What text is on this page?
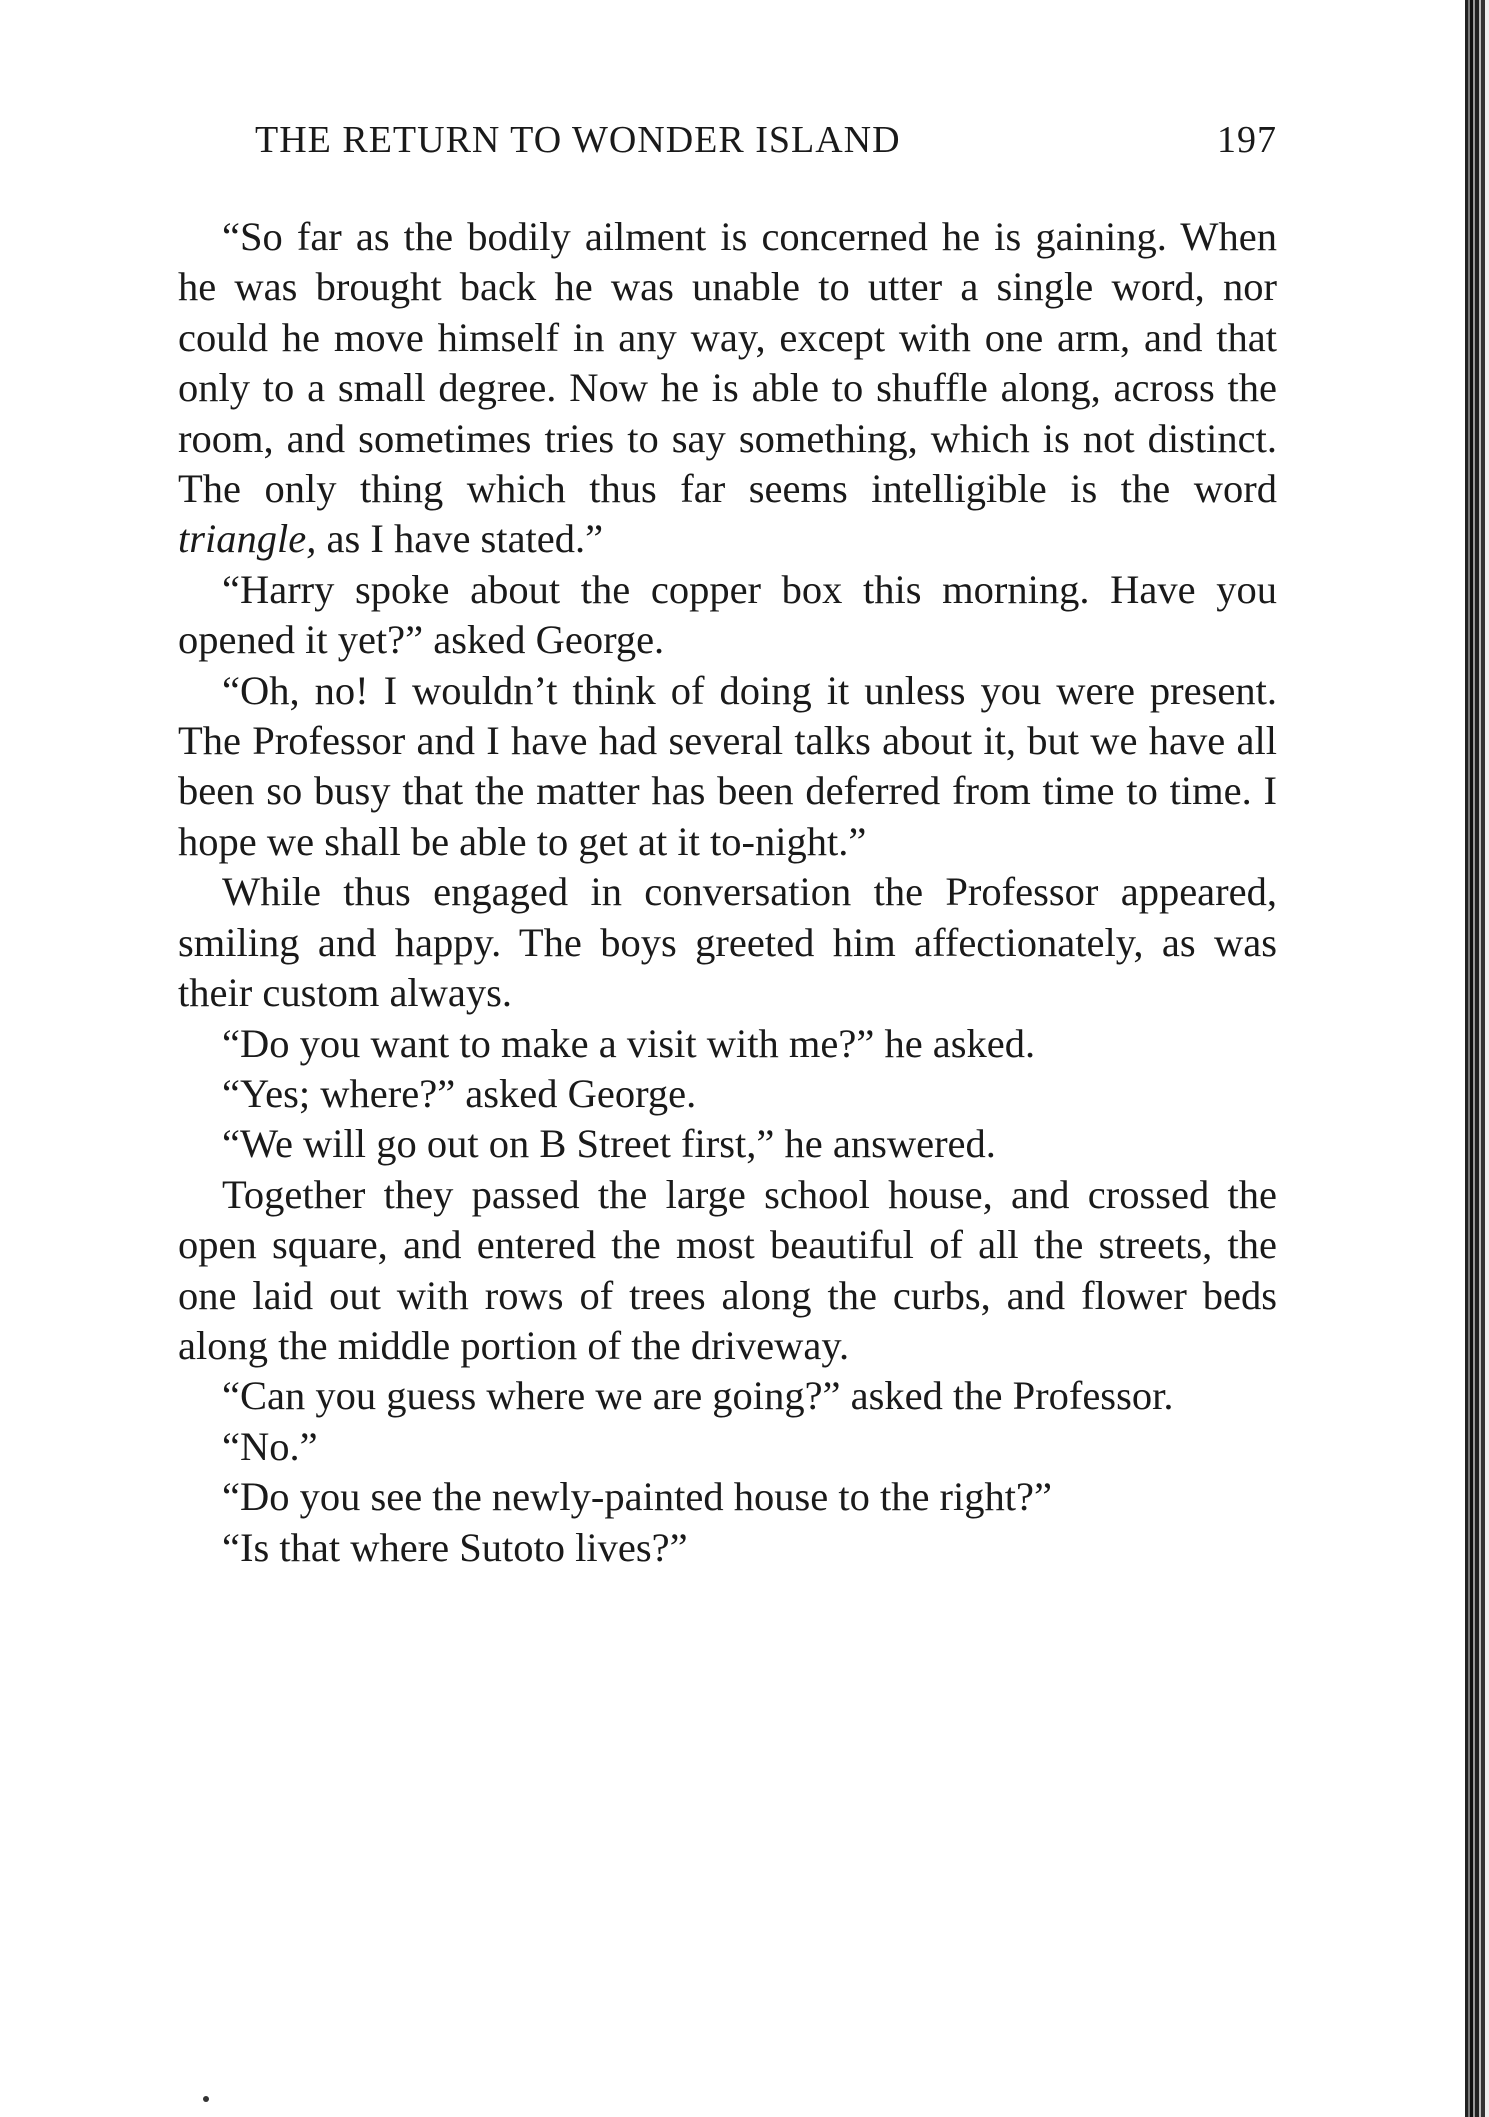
THE RETURN TO WONDER ISLAND	197

“So far as the bodily ailment is concerned he is gaining. When he was brought back he was unable to utter a single word, nor could he move himself in any way, except with one arm, and that only to a small degree. Now he is able to shuffle along, across the room, and sometimes tries to say something, which is not distinct. The only thing which thus far seems intelligible is the word triangle, as I have stated.”

“Harry spoke about the copper box this morning. Have you opened it yet?” asked George.

“Oh, no! I wouldn’t think of doing it unless you were present. The Professor and I have had several talks about it, but we have all been so busy that the matter has been deferred from time to time. I hope we shall be able to get at it to-night.”

While thus engaged in conversation the Professor appeared, smiling and happy. The boys greeted him affectionately, as was their custom always.

“Do you want to make a visit with me?” he asked.

“Yes; where?” asked George.

“We will go out on B Street first,” he answered.

Together they passed the large school house, and crossed the open square, and entered the most beautiful of all the streets, the one laid out with rows of trees along the curbs, and flower beds along the middle portion of the driveway.

“Can you guess where we are going?” asked the Professor.

“No.”

“Do you see the newly-painted house to the right?”

“Is that where Sutoto lives?”
